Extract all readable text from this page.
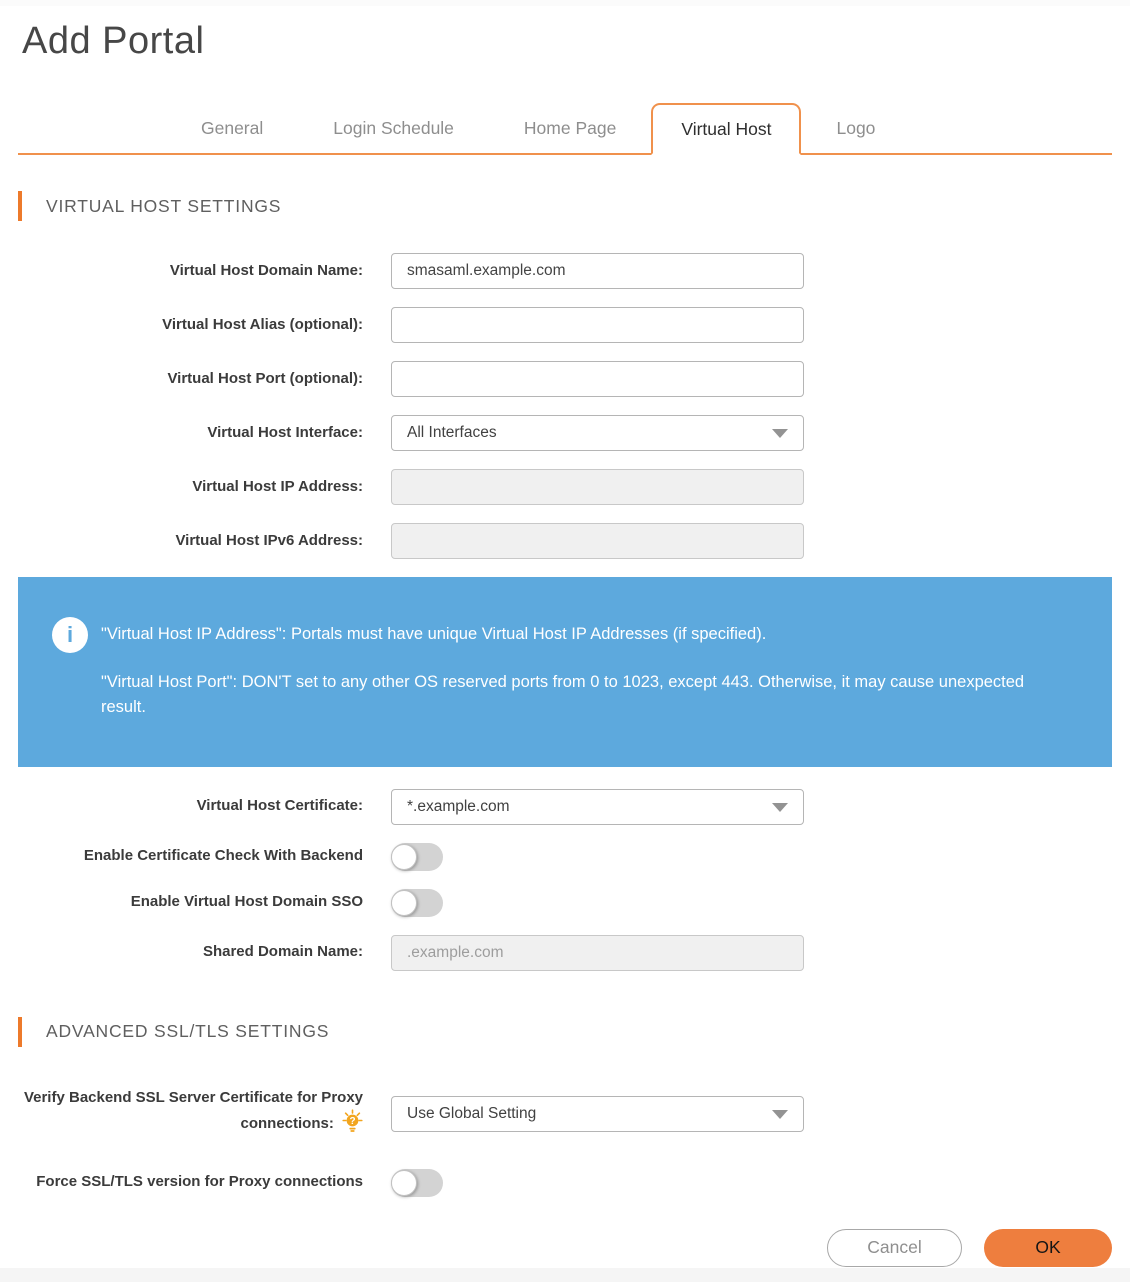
Add Portal
General	Login Schedule	Home Page	Virtual Host	Logo
VIRTUAL HOST SETTINGS
Virtual Host Domain Name:
smasaml.example.com
Virtual Host Alias (optional):
Virtual Host Port (optional):
Virtual Host Interface:	All Interfaces
Virtual Host IP Address:
Virtual Host IPv6 Address:
i	"Virtual Host IP Address": Portals must have unique Virtual Host IP Addresses (if specified).

"Virtual Host Port": DON'T set to any other OS reserved ports from 0 to 1023, except 443. Otherwise, it may cause unexpected result.

Virtual Host Certificate:	*.example.com
Enable Certificate Check With Backend
Enable Virtual Host Domain SSO
Shared Domain Name:
.example.com
ADVANCED SSL/TLS SETTINGS
Verify Backend SSL Server Certificate for Proxy connections: ?
Use Global Setting
Force SSL/TLS version for Proxy connections
Cancel	OK
